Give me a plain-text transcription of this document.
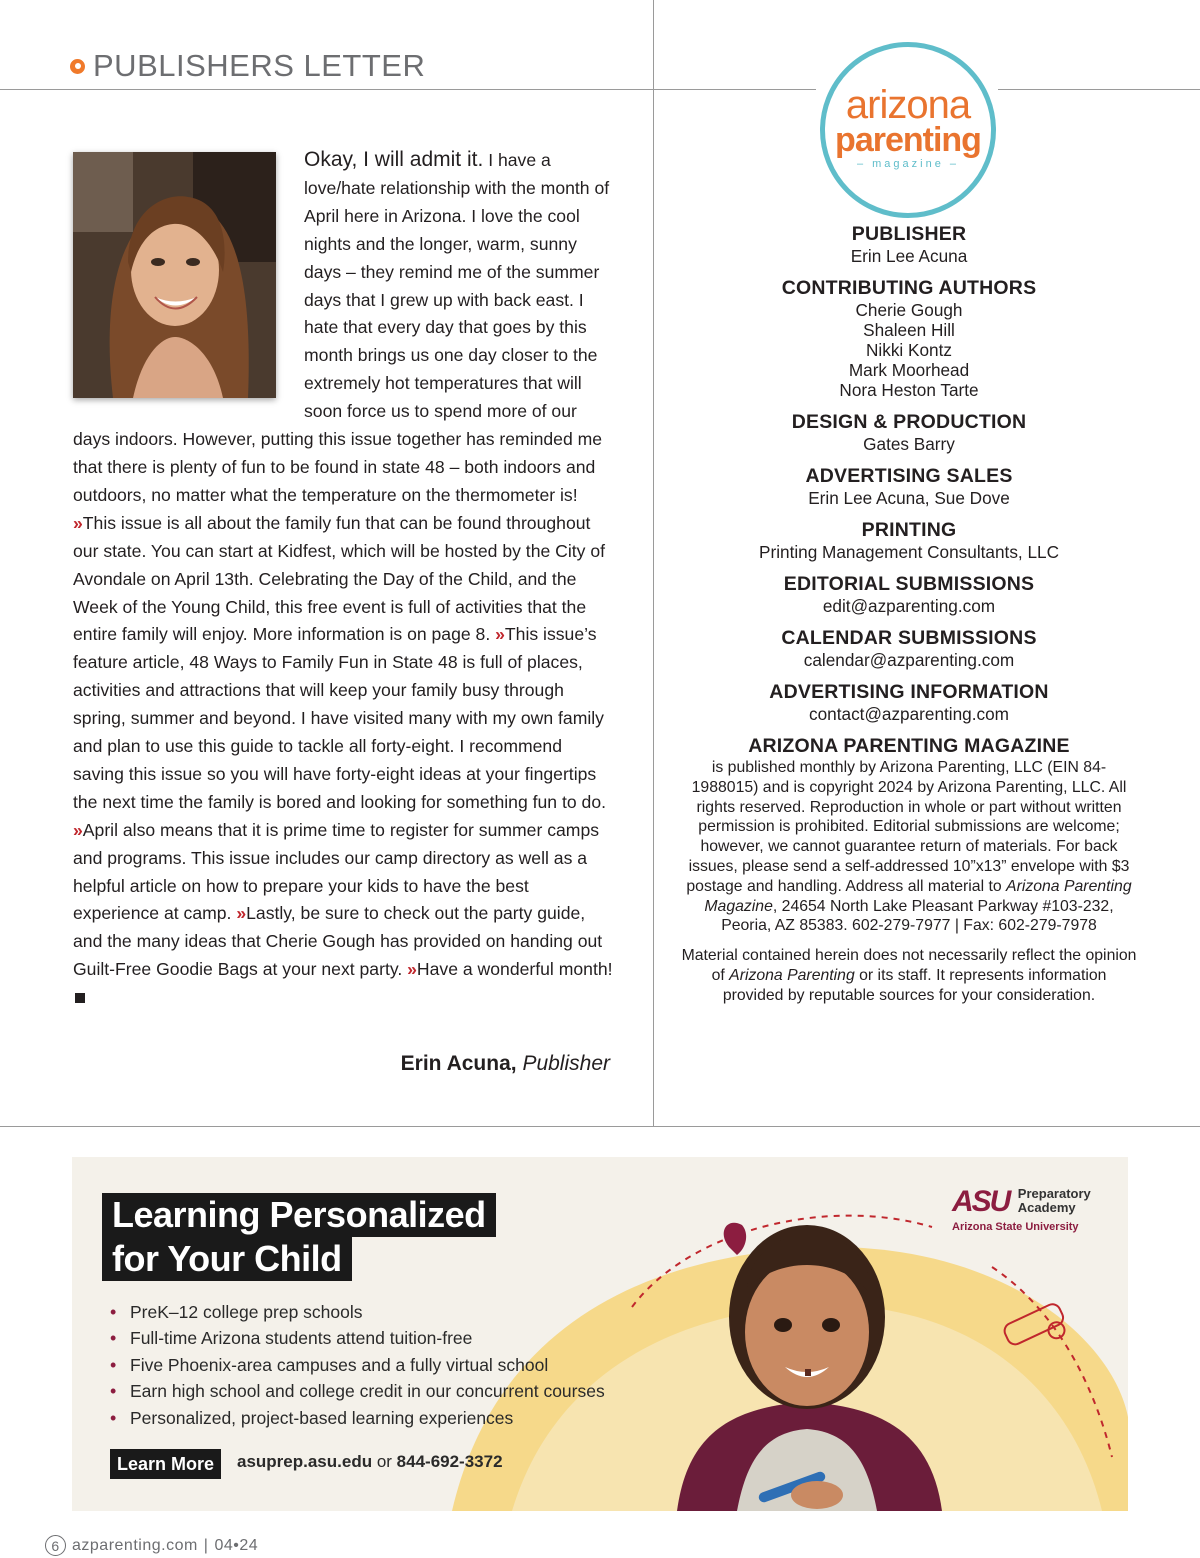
PUBLISHERS LETTER
Okay, I will admit it. I have a love/hate relationship with the month of April here in Arizona. I love the cool nights and the longer, warm, sunny days – they remind me of the summer days that I grew up with back east. I hate that every day that goes by this month brings us one day closer to the extremely hot temperatures that will soon force us to spend more of our days indoors. However, putting this issue together has reminded me that there is plenty of fun to be found in state 48 – both indoors and outdoors, no matter what the temperature on the thermometer is! »This issue is all about the family fun that can be found throughout our state. You can start at Kidfest, which will be hosted by the City of Avondale on April 13th. Celebrating the Day of the Child, and the Week of the Young Child, this free event is full of activities that the entire family will enjoy. More information is on page 8. »This issue’s feature article, 48 Ways to Family Fun in State 48 is full of places, activities and attractions that will keep your family busy through spring, summer and beyond. I have visited many with my own family and plan to use this guide to tackle all forty-eight. I recommend saving this issue so you will have forty-eight ideas at your fingertips the next time the family is bored and looking for something fun to do. »April also means that it is prime time to register for summer camps and programs. This issue includes our camp directory as well as a helpful article on how to prepare your kids to have the best experience at camp. »Lastly, be sure to check out the party guide, and the many ideas that Cherie Gough has provided on handing out Guilt-Free Goodie Bags at your next party. »Have a wonderful month!
Erin Acuna, Publisher
arizona
parenting
– magazine –
PUBLISHER
Erin Lee Acuna
CONTRIBUTING AUTHORS
Cherie Gough
Shaleen Hill
Nikki Kontz
Mark Moorhead
Nora Heston Tarte
DESIGN & PRODUCTION
Gates Barry
ADVERTISING SALES
Erin Lee Acuna, Sue Dove
PRINTING
Printing Management Consultants, LLC
EDITORIAL SUBMISSIONS
edit@azparenting.com
CALENDAR SUBMISSIONS
calendar@azparenting.com
ADVERTISING INFORMATION
contact@azparenting.com
ARIZONA PARENTING MAGAZINE
is published monthly by Arizona Parenting, LLC (EIN 84-1988015) and is copyright 2024 by Arizona Parenting, LLC. All rights reserved. Reproduction in whole or part without written permission is prohibited. Editorial submissions are welcome; however, we cannot guarantee return of materials. For back issues, please send a self-addressed 10”x13” envelope with $3 postage and handling. Address all material to Arizona Parenting Magazine, 24654 North Lake Pleasant Parkway #103-232, Peoria, AZ 85383. 602-279-7977 | Fax: 602-279-7978
Material contained herein does not necessarily reflect the opinion of Arizona Parenting or its staff. It represents information provided by reputable sources for your consideration.
Learning Personalized
for Your Child
• PreK–12 college prep schools
• Full-time Arizona students attend tuition-free
• Five Phoenix-area campuses and a fully virtual school
• Earn high school and college credit in our concurrent courses
• Personalized, project-based learning experiences
Learn More	asuprep.asu.edu or 844-692-3372
ASU Preparatory
Academy
Arizona State University
6 azparenting.com | 04•24
